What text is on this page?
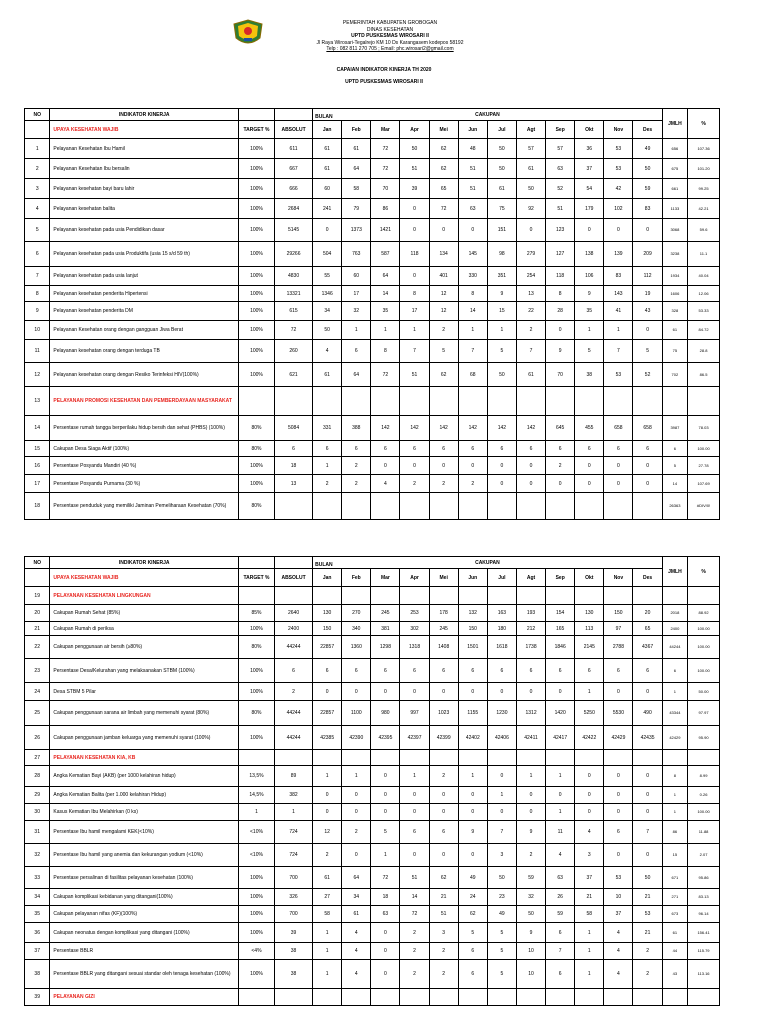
PEMERINTAH KABUPATEN GROBOGAN
DINAS KESEHATAN
UPTD PUSKESMAS WIROSARI II
Jl Raya Wirosari-Tegalrejo KM 10 Ds Karangasem kodepos 58192
Telp : 082 811 270 705 ; Email: phc.wirosari2@gmail.com
CAPAIAN INDIKATOR KINERJA TH 2020
UPTD PUSKESMAS WIROSARI II
NO	INDIKATOR KINERJA			CAKUPAN
BULAN												JMLH	%
	UPAYA KESEHATAN WAJIB	TARGET %	ABSOLUT	Jan	Feb	Mar	Apr	Mei	Jun	Jul	Agt	Sep	Okt	Nov	Des		
1	Pelayanan Kesehatan Ibu Hamil	100%	611	61	61	72	50	62	48	50	57	57	36	53	49	656	107.36
2	Pelayanan Kesehatan Ibu bersalin	100%	667	61	64	72	51	62	51	50	61	63	37	53	50	675	101.20
3	Pelayanan kesehatan bayi baru lahir	100%	666	60	58	70	39	65	51	61	50	52	54	42	59	661	99.25
4	Pelayanan kesehatan balita	100%	2684	241	79	86	0	72	63	75	92	51	179	102	83	1133	42.21
5	Pelayanan kesehatan pada usia Pendidikan dasar	100%	5145	0	1373	1421	0	0	0	151	0	123	0	0	0	3068	59.6
6	Pelayanan kesehatan pada usia Produktifa (usia 15 s/d 59 th)	100%	29266	504	763	587	118	134	145	98	279	127	138	139	209	3238	11.1
7	Pelayanan kesehatan pada usia lanjut	100%	4830	55	60	64	0	401	330	351	254	118	106	83	112	1934	40.04
8	Pelayanan kesehatan penderita Hipertensi	100%	13321	1346	17	14	8	12	8	9	13	8	9	143	19	1606	12.06
9	Pelayanan kesehatan penderita DM	100%	615	34	32	35	17	12	14	15	22	28	35	41	43	328	53.33
10	Pelayanan Kesehatan orang dengan gangguan Jiwa Berat	100%	72	50	1	1	1	2	1	1	2	0	1	1	0	61	84.72
11	Pelayanan kesehatan orang dengan terduga TB	100%	260	4	6	8	7	5	7	5	7	9	5	7	5	75	28.8
12	Pelayanan kesehatan orang dengan Resiko Terinfeksi HIV(100%)	100%	621	61	64	72	51	62	68	50	61	70	38	53	52	702	86.5
13	PELAYANAN PROMOSI KESEHATAN DAN PEMBERDAYAAN MASYARAKAT																
14	Persentase rumah tangga berperilaku hidup bersih dan sehat (PHBS) (100%)	80%	5084	331	388	142	142	142	142	142	142	645	455	658	658	3987	78.03
15	Cakupan Desa Siaga Aktif (100%)	80%	6	6	6	6	6	6	6	6	6	6	6	6	6	6	100.00
16	Persentase Posyandu Mandiri (40 %)	100%	18	1	2	0	0	0	0	0	0	2	0	0	0	5	27.78
17	Persentase Posyandu Purnama (30 %)	100%	13	2	2	4	2	2	2	0	0	0	0	0	0	14	107.69
18	Persentase penduduk yang memiliki Jaminan Pemeliharaan Kesehatan (70%)	80%														26363	#DIV/0!
NO	INDIKATOR KINERJA			CAKUPAN
BULAN												JMLH	%
	UPAYA KESEHATAN WAJIB	TARGET %	ABSOLUT	Jan	Feb	Mar	Apr	Mei	Jun	Jul	Agt	Sep	Okt	Nov	Des		
19	PELAYANAN KESEHATAN LINGKUNGAN																
20	Cakupan Rumah Sehat (85%)	85%	2640	130	270	245	253	178	132	163	193	154	130	150	20	2018	88.92
21	Cakupan Rumah di periksa	100%	2400	150	340	381	302	245	150	180	212	165	113	97	65	2400	100.00
22	Cakupan penggunaan air bersih (≥80%)	80%	44244	22857	1360	1298	1318	1408	1501	1618	1738	1846	2145	2788	4367	44244	100.00
23	Persentase Desa/Kelurahan yang melaksanakan STBM (100%)	100%	6	6	6	6	6	6	6	6	6	6	6	6	6	6	100.00
24	Desa STBM 5 Pilar	100%	2	0	0	0	0	0	0	0	0	0	1	0	0	1	50.00
25	Cakupan penggunaan sarana air limbah yang memenuhi syarat (80%)	80%	44244	22857	1100	980	997	1023	1155	1230	1312	1420	5250	5530	490	43344	97.97
26	Cakupan penggunaan jamban keluarga yang memenuhi syarat (100%)	100%	44244	42385	42390	42395	42397	42399	42402	42406	42411	42417	42422	42429	42435	42429	95.90
27	PELAYANAN KESEHATAN KIA, KB																
28	Angka Kematian Bayi (AKB) (per 1000 kelahiran hidup)	13,5%	89	1	1	0	1	2	1	0	1	1	0	0	0	8	8.99
29	Angka Kematian Balita (per 1.000 kelahiran Hidup)	14,5%	382	0	0	0	0	0	0	1	0	0	0	0	0	1	0.26
30	Kasus Kematian Ibu Melahirkan (0 ks)	1	1	0	0	0	0	0	0	0	0	1	0	0	0	1	100.00
31	Persentase Ibu hamil mengalami KEK(<10%)	<10%	724	12	2	5	6	6	9	7	9	11	4	6	7	86	11.88
32	Persentase Ibu hamil yang anemia dan kekurangan yodium (<10%)	<10%	724	2	0	1	0	0	0	3	2	4	3	0	0	15	2.07
33	Persentase persalinan di fasilitas pelayanan kesehatan (100%)	100%	700	61	64	72	51	62	49	50	59	63	37	53	50	671	95.86
34	Cakupan komplikasi kebidanan yang ditangani(100%)	100%	326	27	34	18	14	21	24	23	32	26	21	10	21	271	83.13
35	Cakupan pelayanan nifas (KF)(100%)	100%	700	58	61	63	72	51	62	49	50	59	58	37	53	673	96.14
36	Cakupan neonatus dengan komplikasi yang ditangani (100%)	100%	39	1	4	0	2	3	5	5	9	6	1	4	21	61	156.41
37	Persentase BBLR	<4%	38	1	4	0	2	2	6	5	10	7	1	4	2	44	115.79
38	Persentase BBLR yang ditangani sesuai standar oleh tenaga kesehatan (100%)	100%	38	1	4	0	2	2	6	5	10	6	1	4	2	43	113.16
39	PELAYANAN GIZI																
